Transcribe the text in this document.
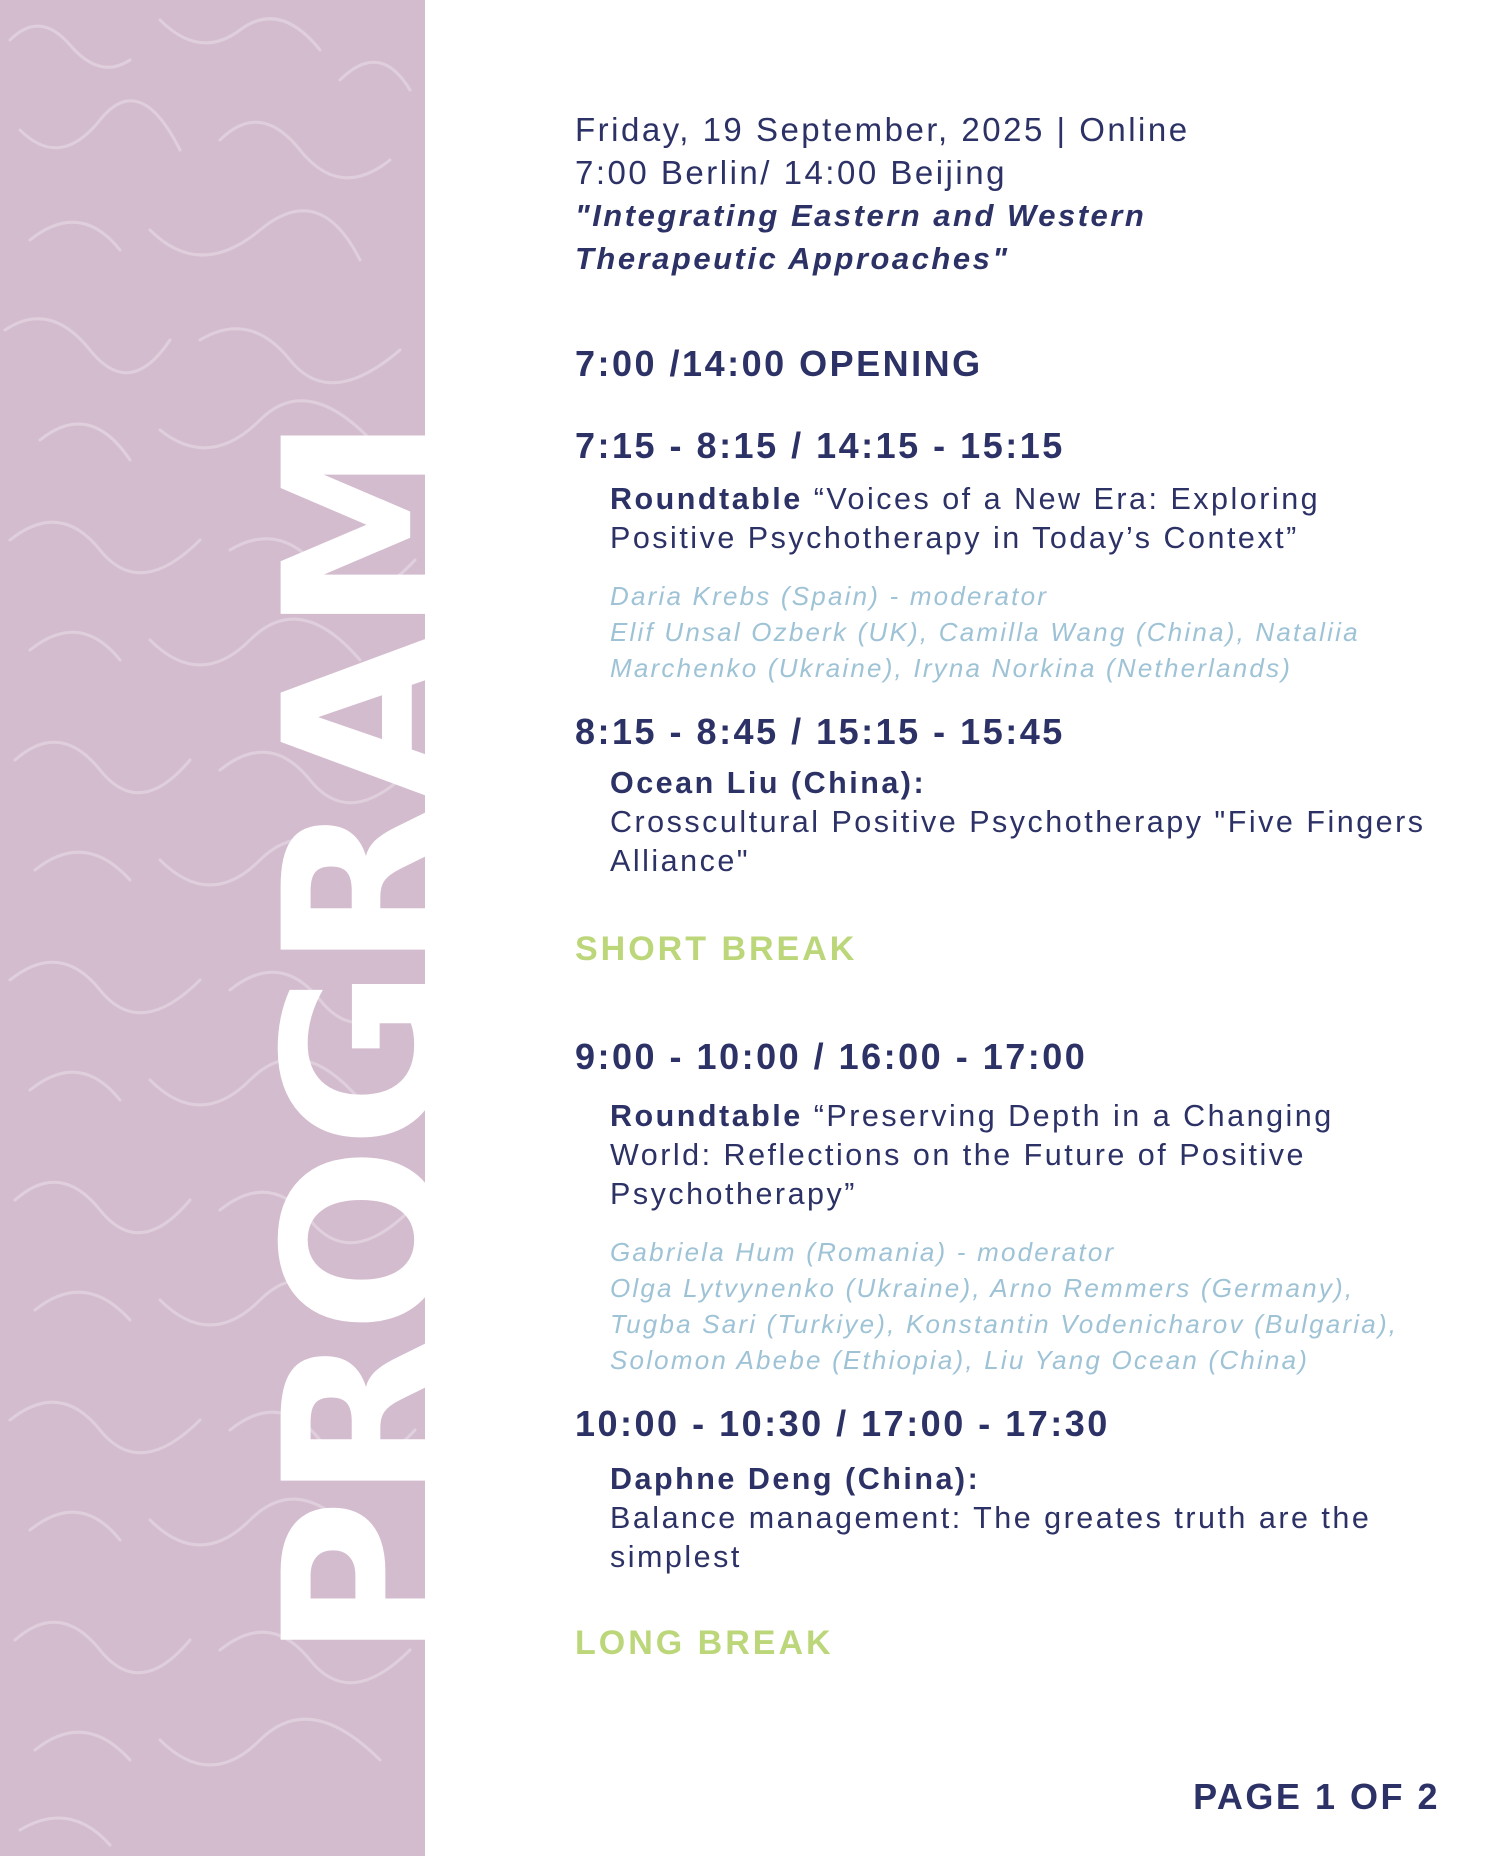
PROGRAM
Friday, 19 September, 2025 | Online
7:00 Berlin/ 14:00 Beijing
"Integrating Eastern and Western
Therapeutic Approaches"
7:00 /14:00 OPENING
7:15 - 8:15 / 14:15 - 15:15
Roundtable “Voices of a New Era: Exploring Positive Psychotherapy in Today’s Context”
Daria Krebs (Spain) - moderator
Elif Unsal Ozberk (UK), Camilla Wang (China), Nataliia Marchenko (Ukraine), Iryna Norkina (Netherlands)
8:15 - 8:45 / 15:15 - 15:45
Ocean Liu (China):
Crosscultural Positive Psychotherapy "Five Fingers Alliance"
SHORT BREAK
9:00 - 10:00 / 16:00 - 17:00
Roundtable “Preserving Depth in a Changing World: Reflections on the Future of Positive Psychotherapy”
Gabriela Hum (Romania) - moderator
Olga Lytvynenko (Ukraine), Arno Remmers (Germany), Tugba Sari (Turkiye), Konstantin Vodenicharov (Bulgaria), Solomon Abebe (Ethiopia), Liu Yang Ocean (China)
10:00 - 10:30 / 17:00 - 17:30
Daphne Deng (China):
Balance management: The greates truth are the simplest
LONG BREAK
PAGE 1 OF 2
